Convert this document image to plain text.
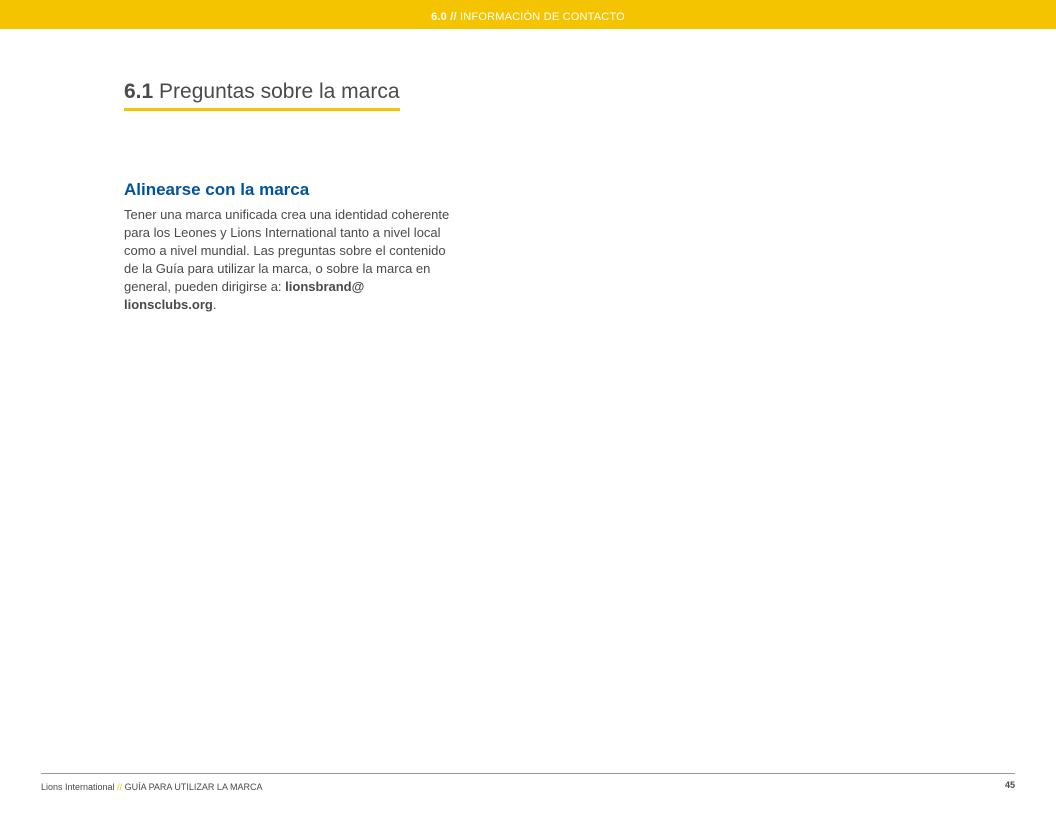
6.0 // INFORMACIÓN DE CONTACTO
6.1 Preguntas sobre la marca
Alinearse con la marca

Tener una marca unificada crea una identidad coherente para los Leones y Lions International tanto a nivel local como a nivel mundial. Las preguntas sobre el contenido de la Guía para utilizar la marca, o sobre la marca en general, pueden dirigirse a: lionsbrand@
lionsclubs.org.

Lions International // GUÍA PARA UTILIZAR LA MARCA	45
